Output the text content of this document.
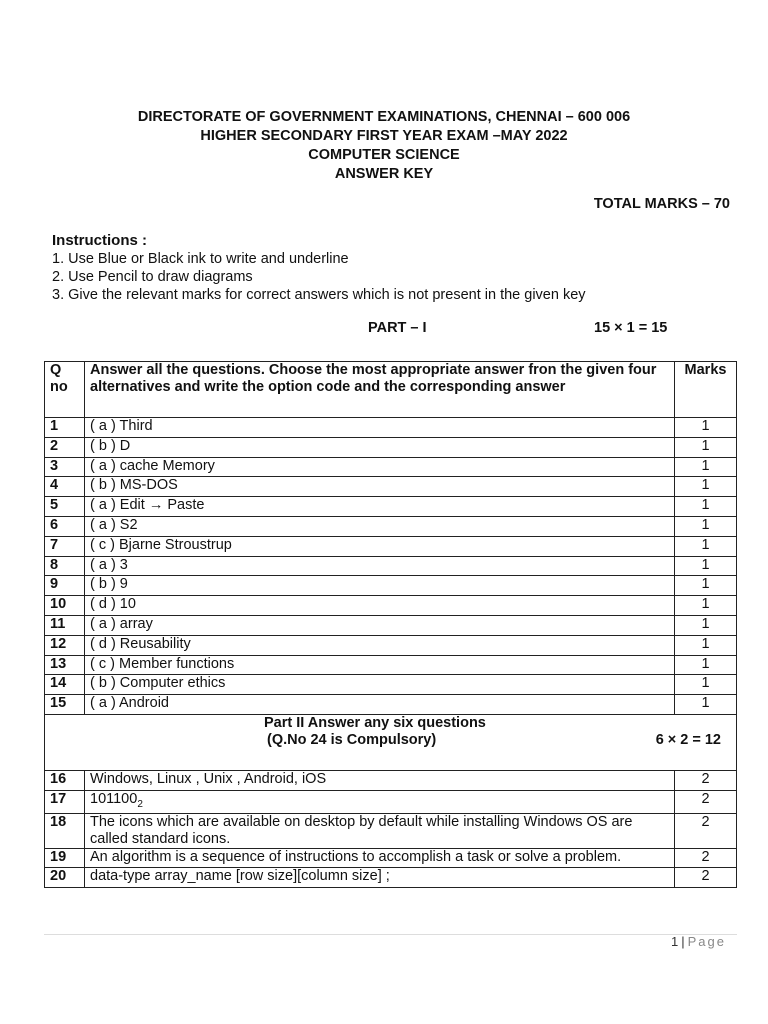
DIRECTORATE OF GOVERNMENT EXAMINATIONS, CHENNAI – 600 006
HIGHER SECONDARY FIRST YEAR EXAM –MAY 2022
COMPUTER SCIENCE
ANSWER KEY
TOTAL MARKS – 70
Instructions :
1. Use Blue or Black ink to write and underline
2. Use Pencil to draw diagrams
3. Give the relevant marks for correct answers which is not present in the given key
PART – I	15 × 1 = 15
Q no	Answer all the questions. Choose the most appropriate answer fron the given four alternatives and write the option code and the corresponding answer	Marks
1	( a ) Third	1
2	( b ) D	1
3	( a ) cache Memory	1
4	( b ) MS-DOS	1
5	( a ) Edit → Paste	1
6	( a ) S2	1
7	( c ) Bjarne Stroustrup	1
8	( a ) 3	1
9	( b ) 9	1
10	( d ) 10	1
11	( a ) array	1
12	( d ) Reusability	1
13	( c ) Member functions	1
14	( b ) Computer ethics	1
15	( a ) Android	1

Part II Answer any six questions
(Q.No 24 is Compulsory) 6 × 2 = 12		

16	Windows, Linux , Unix , Android, iOS	2
17	$101100_2$	2
18	The icons which are available on desktop by default while installing Windows OS are called standard icons.	2
19	An algorithm is a sequence of instructions to accomplish a task or solve a problem.	2
20	data-type array_name [row size][column size] ;	2
1 | Page
